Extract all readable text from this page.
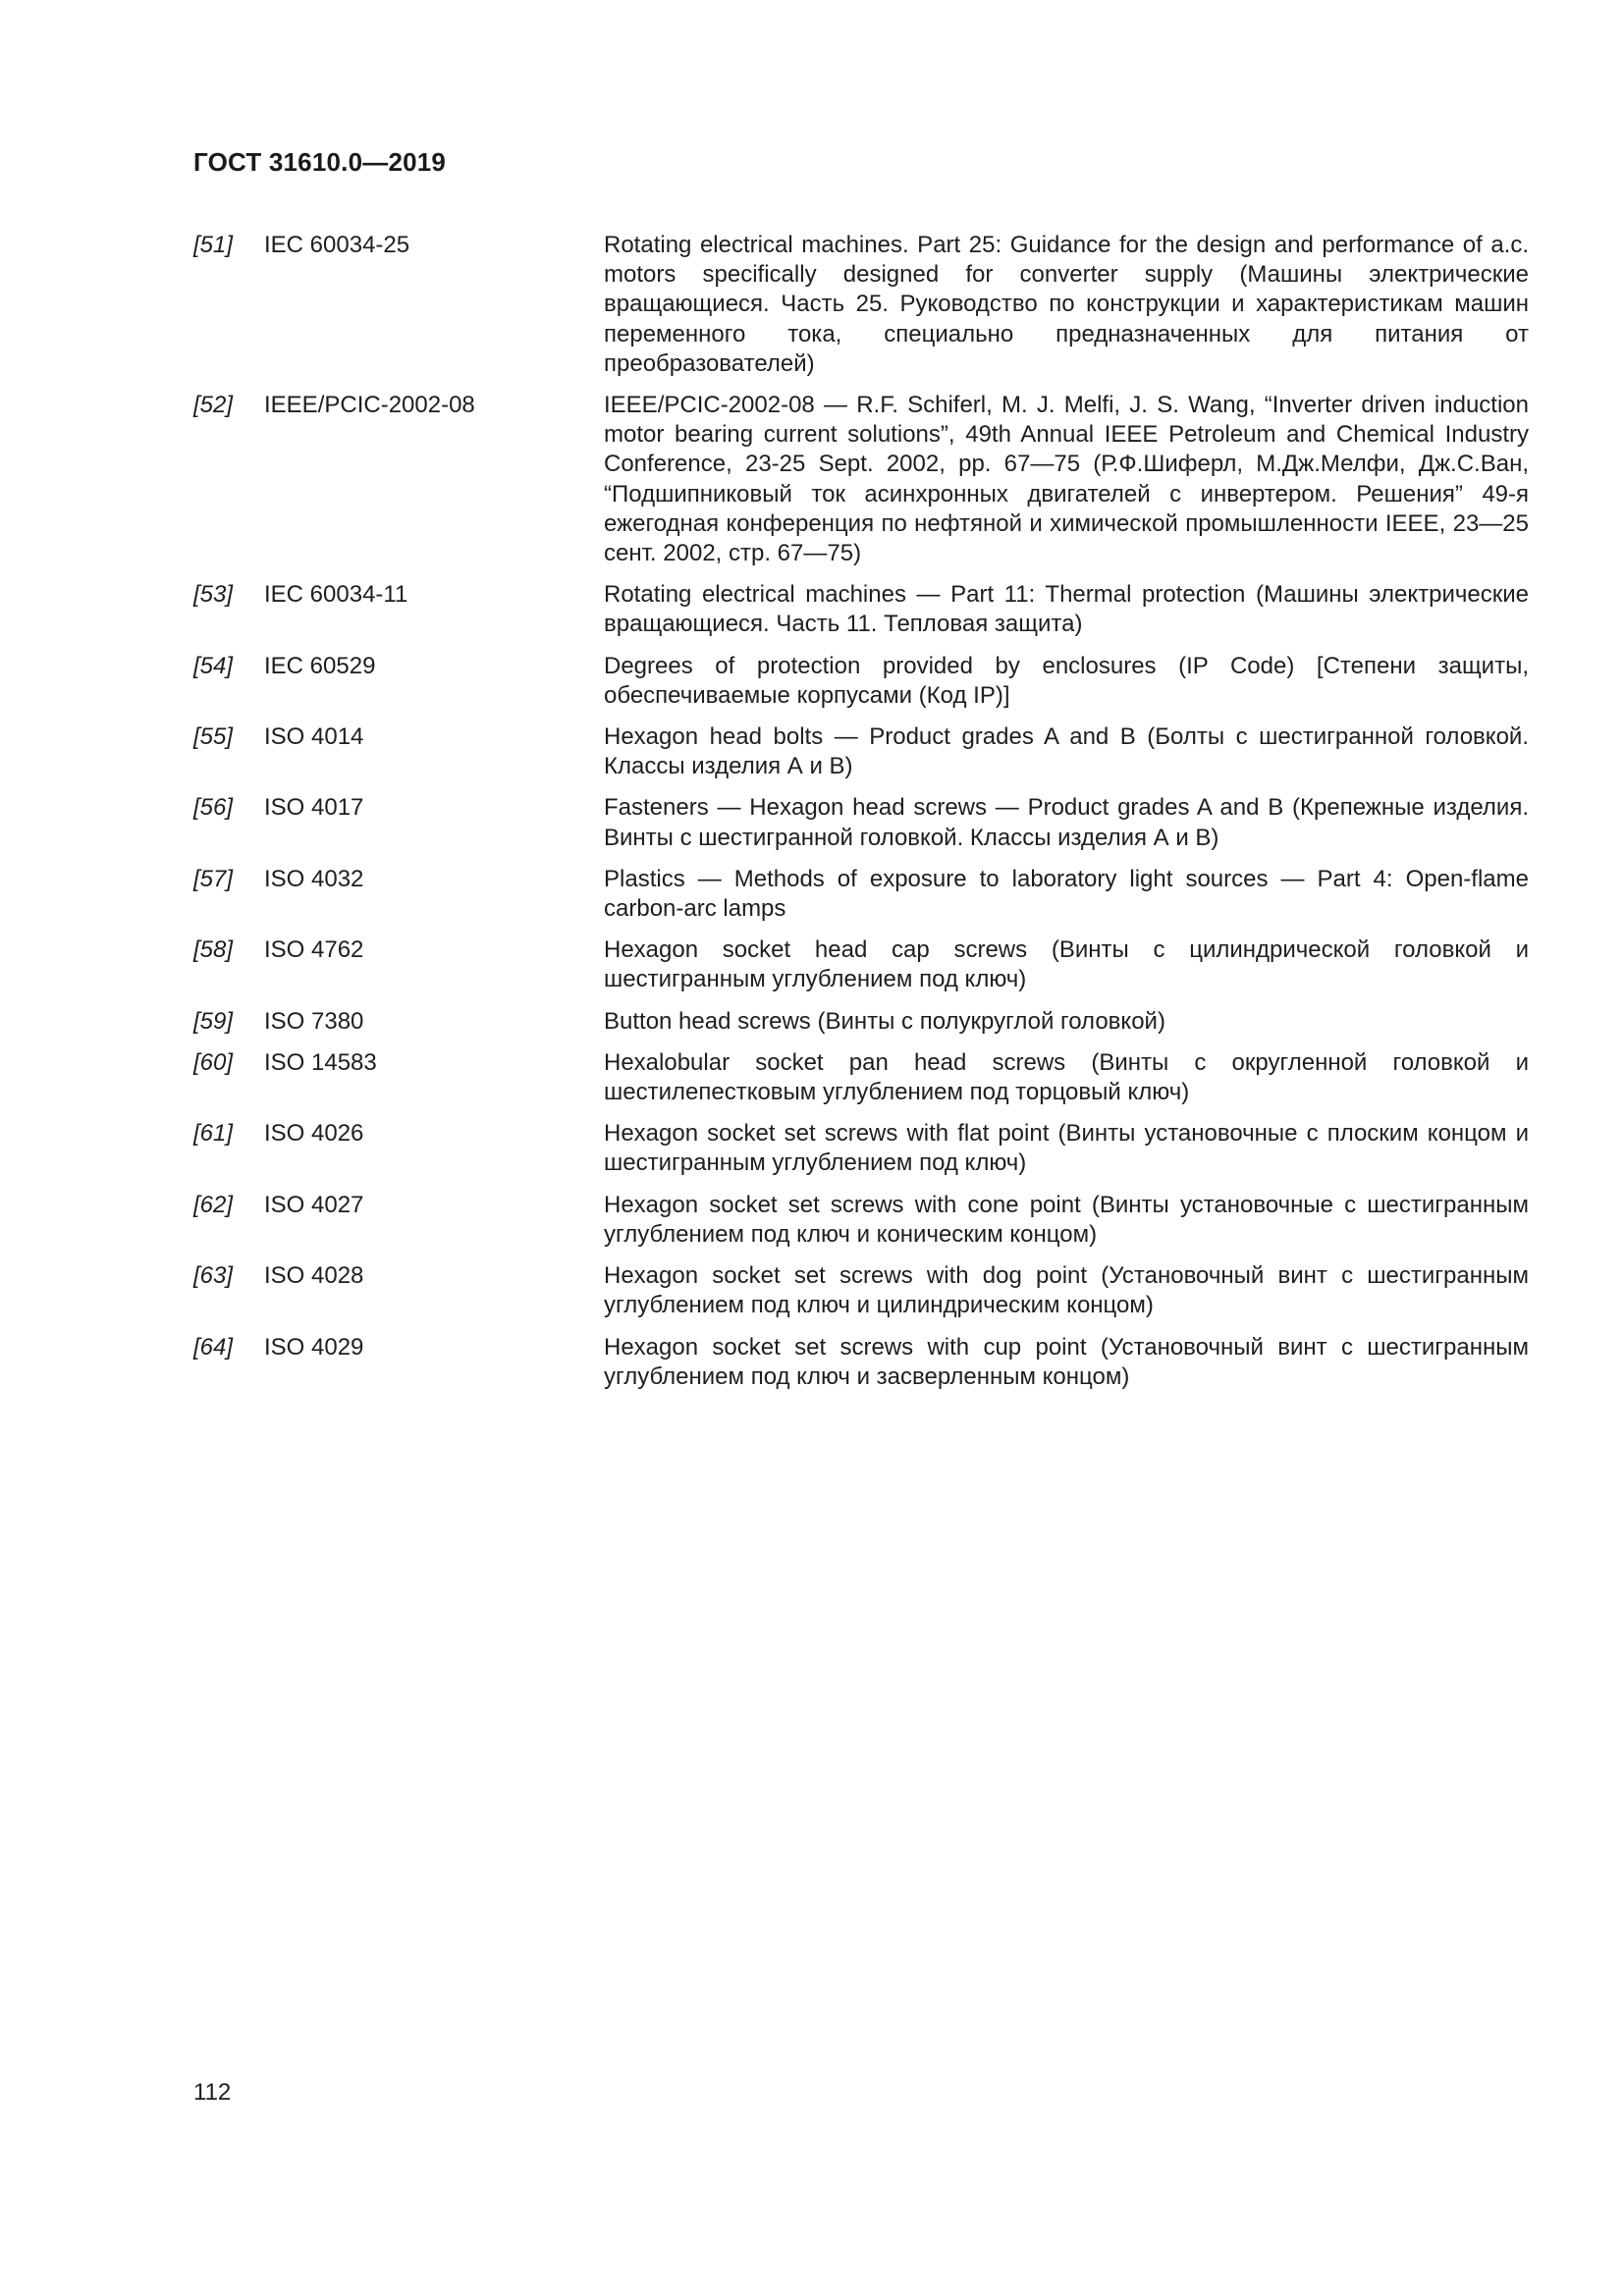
ГОСТ 31610.0—2019
[51]	IEC 60034-25	Rotating electrical machines. Part 25: Guidance for the design and performance of a.c. motors specifically designed for converter supply (Машины электрические вращающиеся. Часть 25. Руководство по конструкции и характеристикам машин переменного тока, специально предназначенных для питания от преобразователей)
[52]	IEEE/PCIC-2002-08	IEEE/PCIC-2002-08 — R.F. Schiferl, M. J. Melfi, J. S. Wang, “Inverter driven induction motor bearing current solutions”, 49th Annual IEEE Petroleum and Chemical Industry Conference, 23-25 Sept. 2002, pp. 67—75 (Р.Ф.Шиферл, М.Дж.Мелфи, Дж.С.Ван, “Подшипниковый ток асинхронных двигателей с инвертером. Решения” 49-я ежегодная конференция по нефтяной и химической промышленности IEEE, 23—25 сент. 2002, стр. 67—75)
[53]	IEC 60034-11	Rotating electrical machines — Part 11: Thermal protection (Машины электрические вращающиеся. Часть 11. Тепловая защита)
[54]	IEC 60529	Degrees of protection provided by enclosures (IP Code) [Степени защиты, обеспечиваемые корпусами (Код IP)]
[55]	ISO 4014	Hexagon head bolts — Product grades A and B (Болты с шестигранной головкой. Классы изделия А и В)
[56]	ISO 4017	Fasteners — Hexagon head screws — Product grades A and B (Крепежные изделия. Винты с шестигранной головкой. Классы изделия А и В)
[57]	ISO 4032	Plastics — Methods of exposure to laboratory light sources — Part 4: Open-flame carbon-arc lamps
[58]	ISO 4762	Hexagon socket head cap screws (Винты с цилиндрической головкой и шестигранным углублением под ключ)
[59]	ISO 7380	Button head screws (Винты с полукруглой головкой)
[60]	ISO 14583	Hexalobular socket pan head screws (Винты с округленной головкой и шестилепестковым углублением под торцовый ключ)
[61]	ISO 4026	Hexagon socket set screws with flat point (Винты установочные с плоским концом и шестигранным углублением под ключ)
[62]	ISO 4027	Hexagon socket set screws with cone point (Винты установочные с шестигранным углублением под ключ и коническим концом)
[63]	ISO 4028	Hexagon socket set screws with dog point (Установочный винт с шестигранным углублением под ключ и цилиндрическим концом)
[64]	ISO 4029	Hexagon socket set screws with cup point (Установочный винт с шестигранным углублением под ключ и засверленным концом)
112
